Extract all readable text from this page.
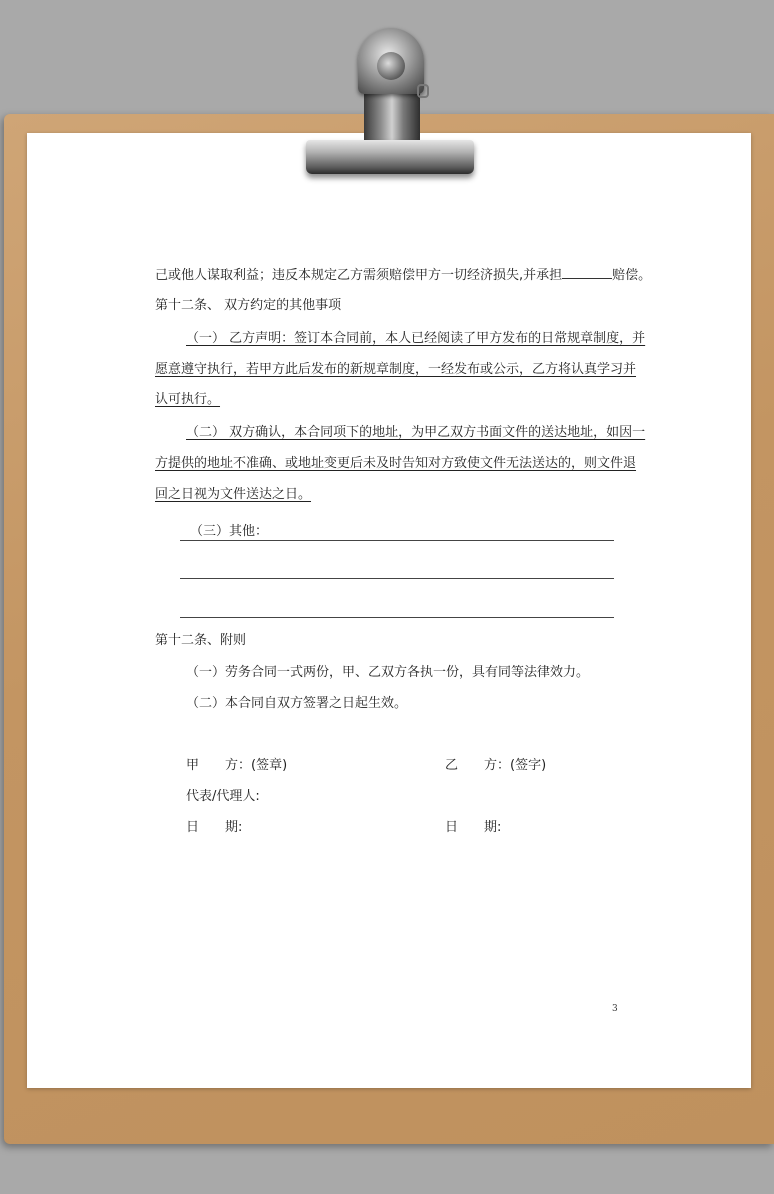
己或他人谋取利益；违反本规定乙方需须赔偿甲方一切经济损失,并承担	赔偿。
第十二条、 双方约定的其他事项
（一） 乙方声明：签订本合同前，本人已经阅读了甲方发布的日常规章制度，并
愿意遵守执行，若甲方此后发布的新规章制度，一经发布或公示，乙方将认真学习并
认可执行。
（二） 双方确认，本合同项下的地址，为甲乙双方书面文件的送达地址，如因一
方提供的地址不准确、或地址变更后未及时告知对方致使文件无法送达的，则文件退
回之日视为文件送达之日。
（三）其他：
第十二条、附则
（一）劳务合同一式两份，甲、乙双方各执一份，具有同等法律效力。
（二）本合同自双方签署之日起生效。
甲　　方：(签章)	乙　　方：(签字)
代表/代理人:
日　　期:	日　　期:
3
